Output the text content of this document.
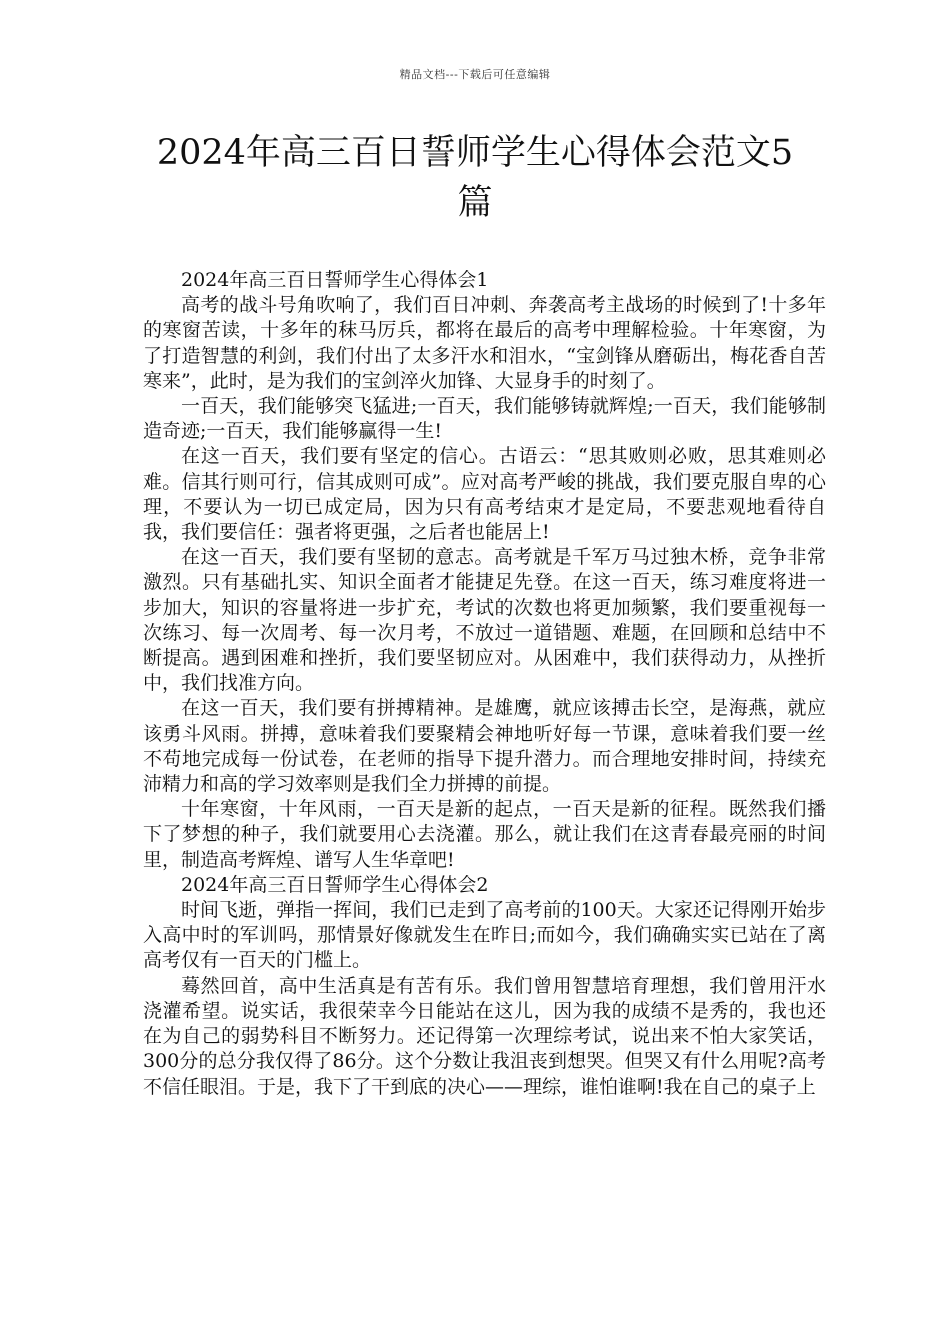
精品文档---下载后可任意编辑
2024年高三百日誓师学生心得体会范文5篇
2024年高三百日誓师学生心得体会1

高考的战斗号角吹响了，我们百日冲刺、奔袭高考主战场的时候到了!十多年的寒窗苦读，十多年的秣马厉兵，都将在最后的高考中理解检验。十年寒窗，为了打造智慧的利剑，我们付出了太多汗水和泪水，“宝剑锋从磨砺出，梅花香自苦寒来”，此时，是为我们的宝剑淬火加锋、大显身手的时刻了。

一百天，我们能够突飞猛进;一百天，我们能够铸就辉煌;一百天，我们能够制造奇迹;一百天，我们能够赢得一生!

在这一百天，我们要有坚定的信心。古语云：“思其败则必败，思其难则必难。信其行则可行，信其成则可成”。应对高考严峻的挑战，我们要克服自卑的心理，不要认为一切已成定局，因为只有高考结束才是定局，不要悲观地看待自我，我们要信任：强者将更强，之后者也能居上!

在这一百天，我们要有坚韧的意志。高考就是千军万马过独木桥，竞争非常激烈。只有基础扎实、知识全面者才能捷足先登。在这一百天，练习难度将进一步加大，知识的容量将进一步扩充，考试的次数也将更加频繁，我们要重视每一次练习、每一次周考、每一次月考，不放过一道错题、难题，在回顾和总结中不断提高。遇到困难和挫折，我们要坚韧应对。从困难中，我们获得动力，从挫折中，我们找准方向。

在这一百天，我们要有拼搏精神。是雄鹰，就应该搏击长空，是海燕，就应该勇斗风雨。拼搏，意味着我们要聚精会神地听好每一节课，意味着我们要一丝不苟地完成每一份试卷，在老师的指导下提升潜力。而合理地安排时间，持续充沛精力和高的学习效率则是我们全力拼搏的前提。

十年寒窗，十年风雨，一百天是新的起点，一百天是新的征程。既然我们播下了梦想的种子，我们就要用心去浇灌。那么，就让我们在这青春最亮丽的时间里，制造高考辉煌、谱写人生华章吧!

2024年高三百日誓师学生心得体会2

时间飞逝，弹指一挥间，我们已走到了高考前的100天。大家还记得刚开始步入高中时的军训吗，那情景好像就发生在昨日;而如今，我们确确实实已站在了离高考仅有一百天的门槛上。

蓦然回首，高中生活真是有苦有乐。我们曾用智慧培育理想，我们曾用汗水浇灌希望。说实话，我很荣幸今日能站在这儿，因为我的成绩不是秀的，我也还在为自己的弱势科目不断努力。还记得第一次理综考试，说出来不怕大家笑话，300分的总分我仅得了86分。这个分数让我沮丧到想哭。但哭又有什么用呢?高考不信任眼泪。于是，我下了干到底的决心——理综，谁怕谁啊!我在自己的桌子上
